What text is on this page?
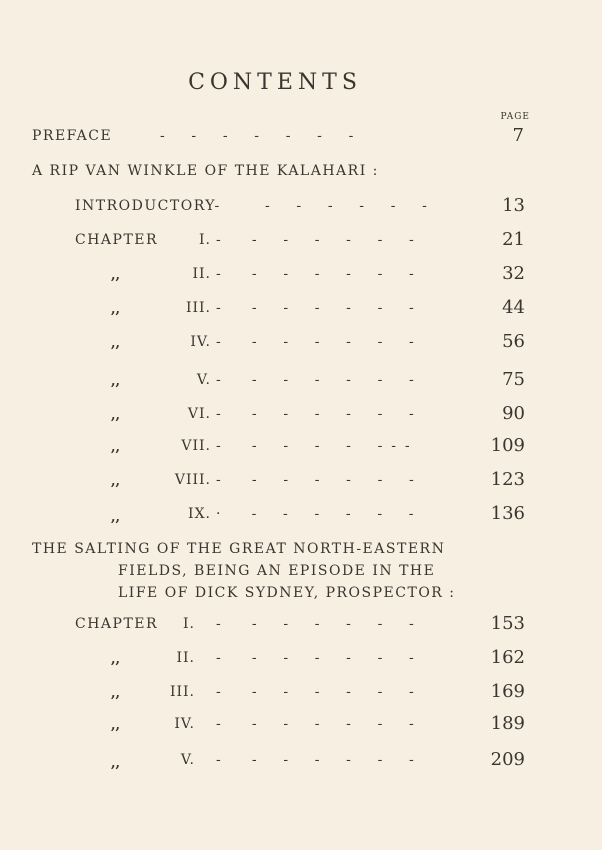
CONTENTS
PAGE
PREFACE	-      -      -      -      -      -      -	7
A RIP VAN WINKLE OF THE KALAHARI :
INTRODUCTORY-	-      -      -      -      -      -	13
CHAPTER	I. -       -      -      -      -      -      -	21
,,	II. -       -      -      -      -      -      -	32
,,	III. -       -      -      -      -      -      -	44
,,	IV. -       -      -      -      -      -      -	56
,,	V. -       -      -      -      -      -      -	75
,,	VI. -       -      -      -      -      -      -	90
,,	VII. -       -      -      -      -      -  -  -	109
,,	VIII. -       -      -      -      -      -      -	123
,,	IX. ·       -      -      -      -      -      -	136
THE SALTING OF THE GREAT NORTH-EASTERN
FIELDS, BEING AN EPISODE IN THE
LIFE OF DICK SYDNEY, PROSPECTOR :
CHAPTER	I. -       -      -      -      -      -      -	153
,,	II. -       -      -      -      -      -      -	162
,,	III. -       -      -      -      -      -      -	169
,,	IV. -       -      -      -      -      -      -	189
,,	V. -       -      -      -      -      -      -	209
